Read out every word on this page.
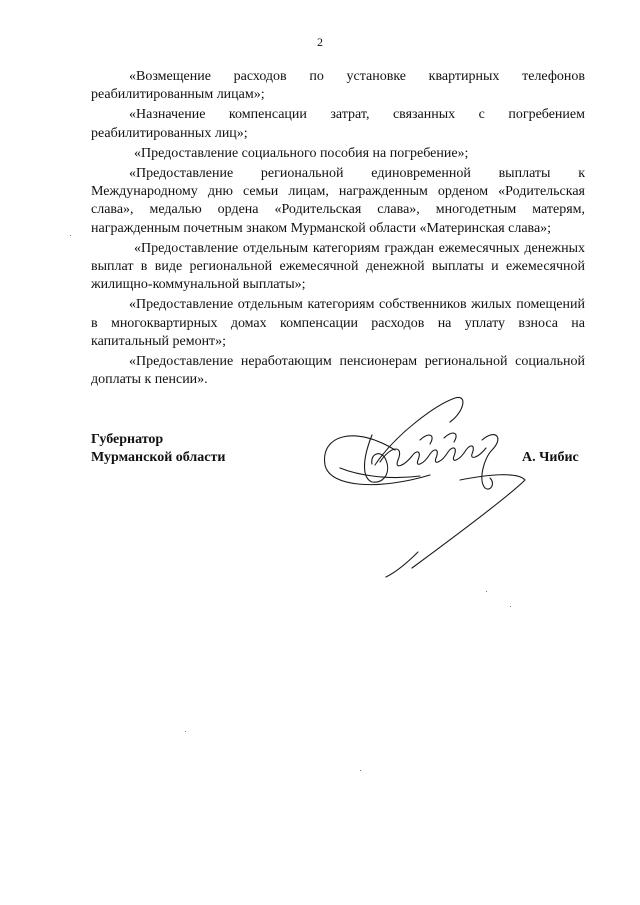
2

«Возмещение расходов по установке квартирных телефонов реабилитированным лицам»;

«Назначение компенсации затрат, связанных с погребением реабилитированных лиц»;

«Предоставление социального пособия на погребение»;

«Предоставление региональной единовременной выплаты к Международному дню семьи лицам, награжденным орденом «Родительская слава», медалью ордена «Родительская слава», многодетным матерям, награжденным почетным знаком Мурманской области «Материнская слава»;

«Предоставление отдельным категориям граждан ежемесячных денежных выплат в виде региональной ежемесячной денежной выплаты и ежемесячной жилищно-коммунальной выплаты»;

«Предоставление отдельным категориям собственников жилых помещений в многоквартирных домах компенсации расходов на уплату взноса на капитальный ремонт»;

«Предоставление неработающим пенсионерам региональной социальной доплаты к пенсии».

Губернатор
Мурманской области	А. Чибис
